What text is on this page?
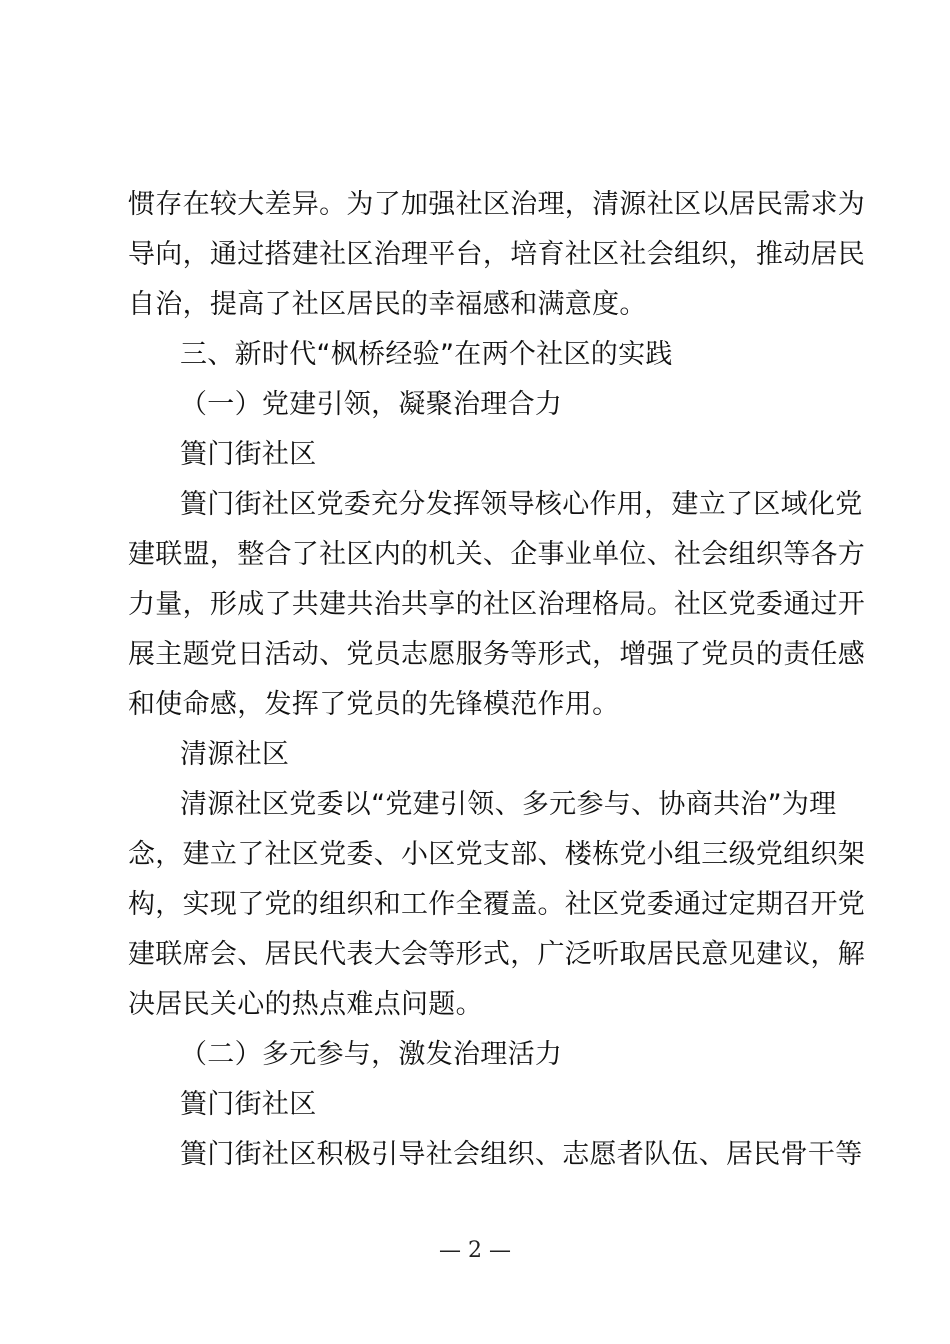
惯存在较大差异。为了加强社区治理，清源社区以居民需求为
导向，通过搭建社区治理平台，培育社区社会组织，推动居民
自治，提高了社区居民的幸福感和满意度。
三、新时代“枫桥经验”在两个社区的实践
（一）党建引领，凝聚治理合力
簣门街社区
簣门街社区党委充分发挥领导核心作用，建立了区域化党
建联盟，整合了社区内的机关、企事业单位、社会组织等各方
力量，形成了共建共治共享的社区治理格局。社区党委通过开
展主题党日活动、党员志愿服务等形式，增强了党员的责任感
和使命感，发挥了党员的先锋模范作用。
清源社区
清源社区党委以“党建引领、多元参与、协商共治”为理
念，建立了社区党委、小区党支部、楼栋党小组三级党组织架
构，实现了党的组织和工作全覆盖。社区党委通过定期召开党
建联席会、居民代表大会等形式，广泛听取居民意见建议，解
决居民关心的热点难点问题。
（二）多元参与，激发治理活力
簣门街社区
簣门街社区积极引导社会组织、志愿者队伍、居民骨干等
— 2 —
